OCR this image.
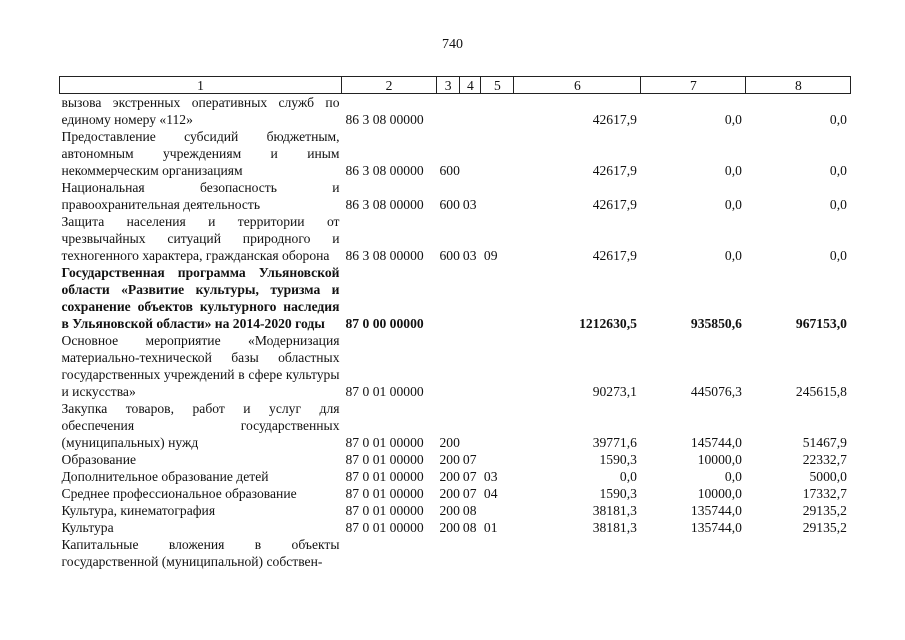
740
1	2	3	4	5	6	7	8
вызова экстренных оперативных служб по единому номеру «112»	86 3 08 00000				42617,9	0,0	0,0
Предоставление субсидий бюджетным, автономным учреждениям и иным некоммерческим организациям	86 3 08 00000	600			42617,9	0,0	0,0
Национальная безопасность и правоохранительная деятельность	86 3 08 00000	600	03		42617,9	0,0	0,0
Защита населения и территории от чрезвычайных ситуаций природного и техногенного характера, гражданская оборона	86 3 08 00000	600	03	09	42617,9	0,0	0,0
Государственная программа Ульяновской области «Развитие культуры, туризма и сохранение объектов культурного наследия в Ульяновской области» на 2014-2020 годы	87 0 00 00000				1212630,5	935850,6	967153,0
Основное мероприятие «Модернизация материально-технической базы областных государственных учреждений в сфере культуры и искусства»	87 0 01 00000				90273,1	445076,3	245615,8
Закупка товаров, работ и услуг для обеспечения государственных (муниципальных) нужд	87 0 01 00000	200			39771,6	145744,0	51467,9
Образование	87 0 01 00000	200	07		1590,3	10000,0	22332,7
Дополнительное образование детей	87 0 01 00000	200	07	03	0,0	0,0	5000,0
Среднее профессиональное образование	87 0 01 00000	200	07	04	1590,3	10000,0	17332,7
Культура, кинематография	87 0 01 00000	200	08		38181,3	135744,0	29135,2
Культура	87 0 01 00000	200	08	01	38181,3	135744,0	29135,2
Капитальные вложения в объекты государственной (муниципальной) собствен-							
